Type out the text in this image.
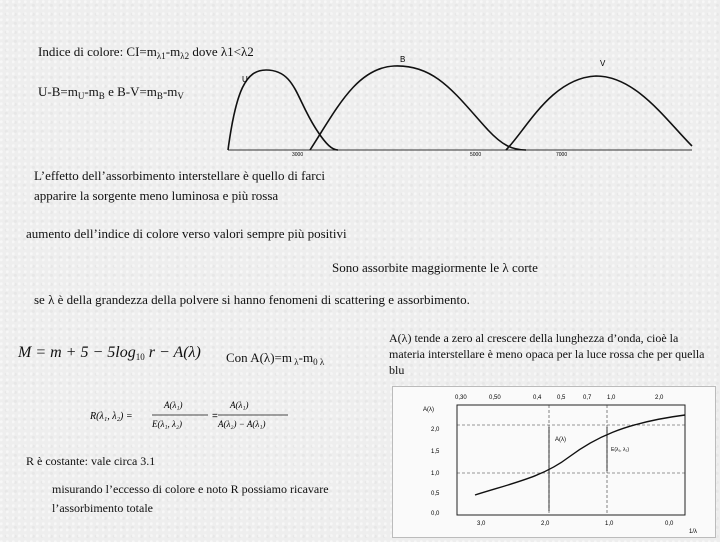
Indice di colore: $CI=m_{\lambda 1}-m_{\lambda 2}$ dove λ1<λ2
$U-B=m_U-m_B$ e $B-V=m_B-m_V$
U
B	V
3000	5000	7000
L’effetto dell’assorbimento interstellare è quello di farci
apparire la sorgente meno luminosa e più rossa
aumento dell’indice di colore verso valori sempre più positivi
Sono assorbite maggiormente le λ corte
se λ è della grandezza della polvere si hanno fenomeni di scattering e assorbimento.
$M = m + 5 - 5\log_{10}$ r − A(λ) Con A(λ)=m $_\lambda-m_{0 \lambda}$
A(λ) tende a zero al crescere della lunghezza d’onda, cioè la materia interstellare è meno opaca per la luce rossa che per quella blu
R(λ₁, λ₂) =
A(λ₁)
E(λ₁, λ₂)
=
A(λ₁)
A(λ₂) − A(λ₁)
R è costante: vale circa 3.1
misurando l’eccesso di colore e noto R possiamo ricavare
l’assorbimento totale
0,30	0,50	0,4	0,5	0,7	1,0	2,0
A(λ)
2,0
1,5
1,0
0,5
0,0
3,0	2,0	1,0	0,0
1/λ
A(λ)
E(λ₁, λ₂)
